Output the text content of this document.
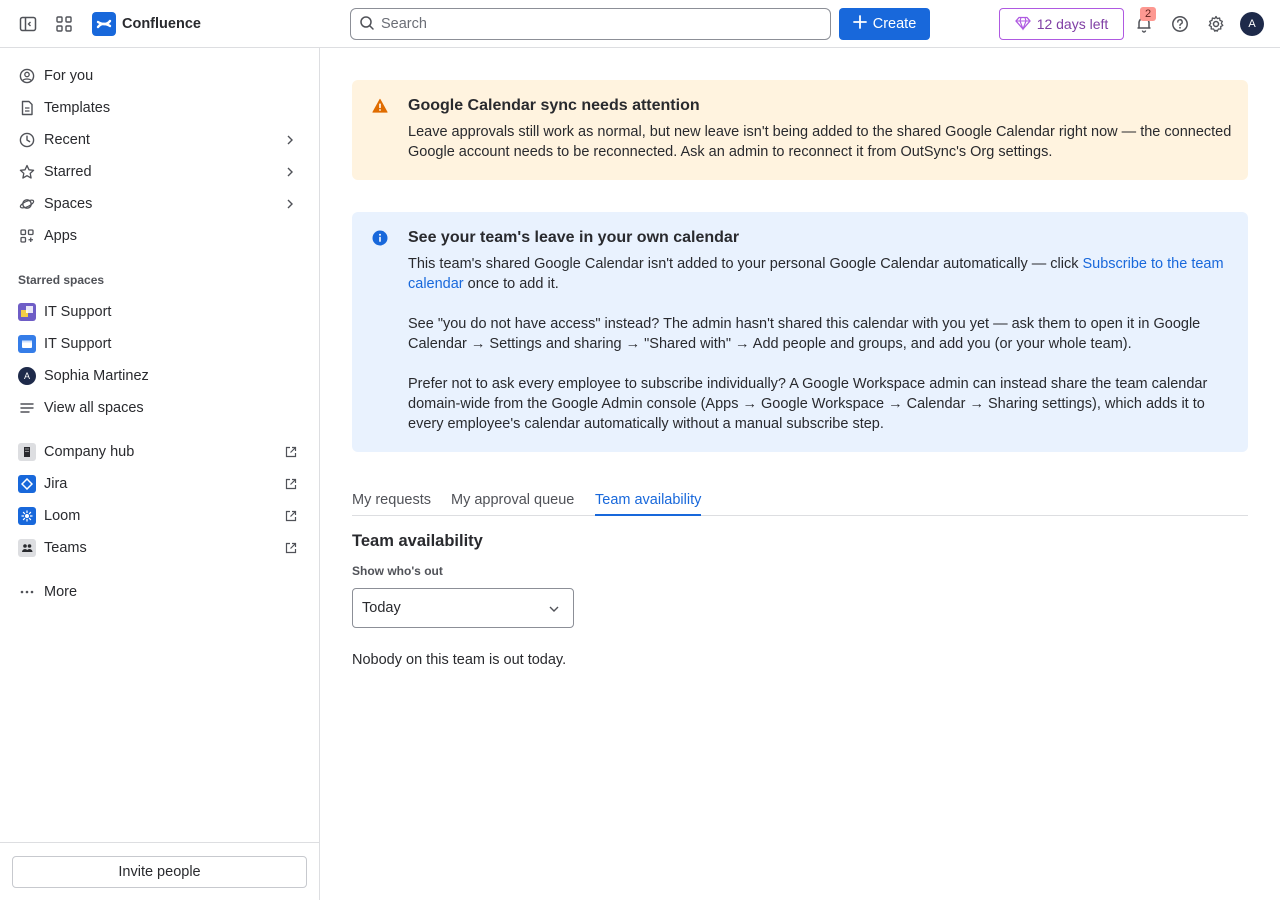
Confluence
Search	Create	12 days left
2
A
For you
Templates
Recent
Starred
Spaces
Apps
Starred spaces
IT Support
IT Support
A Sophia Martinez
View all spaces
Company hub
Jira
Loom
Teams
More
Invite people
Google Calendar sync needs attention

Leave approvals still work as normal, but new leave isn't being added to the shared Google Calendar right now — the connected Google account needs to be reconnected. Ask an admin to reconnect it from OutSync's Org settings.

See your team's leave in your own calendar

This team's shared Google Calendar isn't added to your personal Google Calendar automatically — click Subscribe to the team calendar once to add it.

See "you do not have access" instead? The admin hasn't shared this calendar with you yet — ask them to open it in Google Calendar → Settings and sharing → "Shared with" → Add people and groups, and add you (or your whole team).

Prefer not to ask every employee to subscribe individually? A Google Workspace admin can instead share the team calendar domain-wide from the Google Admin console (Apps → Google Workspace → Calendar → Sharing settings), which adds it to every employee's calendar automatically without a manual subscribe step.

My requests My approval queue Team availability
Team availability
Show who's out
Today
Nobody on this team is out today.
